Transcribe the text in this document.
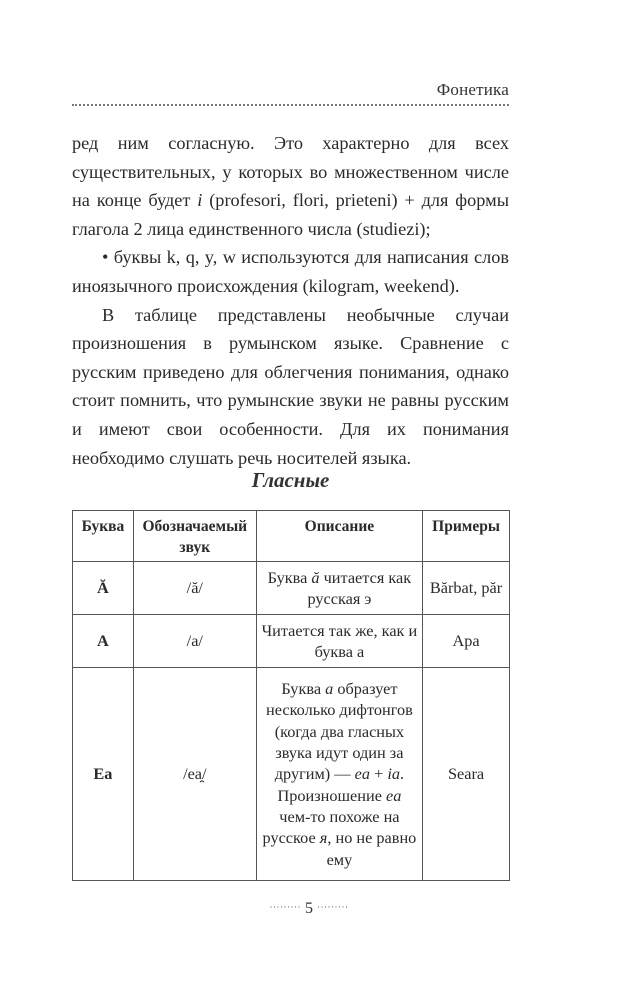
Фонетика

ред ним согласную. Это характерно для всех существительных, у которых во множественном числе на конце будет i (profesori, flori, prieteni) + для формы глагола 2 лица единственного числа (studiezi);

• буквы k, q, y, w используются для написания слов иноязычного происхождения (kilogram, weekend).

В таблице представлены необычные случаи произношения в румынском языке. Сравнение с русским приведено для облегчения понимания, однако стоит помнить, что румынские звуки не равны русским и имеют свои особенности. Для их понимания необходимо слушать речь носителей языка.

Гласные
Буква	Обозначаемый звук	Описание	Примеры
Ă	/ă/	Буква ă читается как русская э	Bărbat, păr
A	/a/	Читается так же, как и буква а	Apa
Ea	/ea̯/	Буква a образует несколько дифтонгов (когда два гласных звука идут один за другим) — ea + ia. Произношение ea чем-то похоже на русское я, но не равно ему	Seara
········· 5 ·········
